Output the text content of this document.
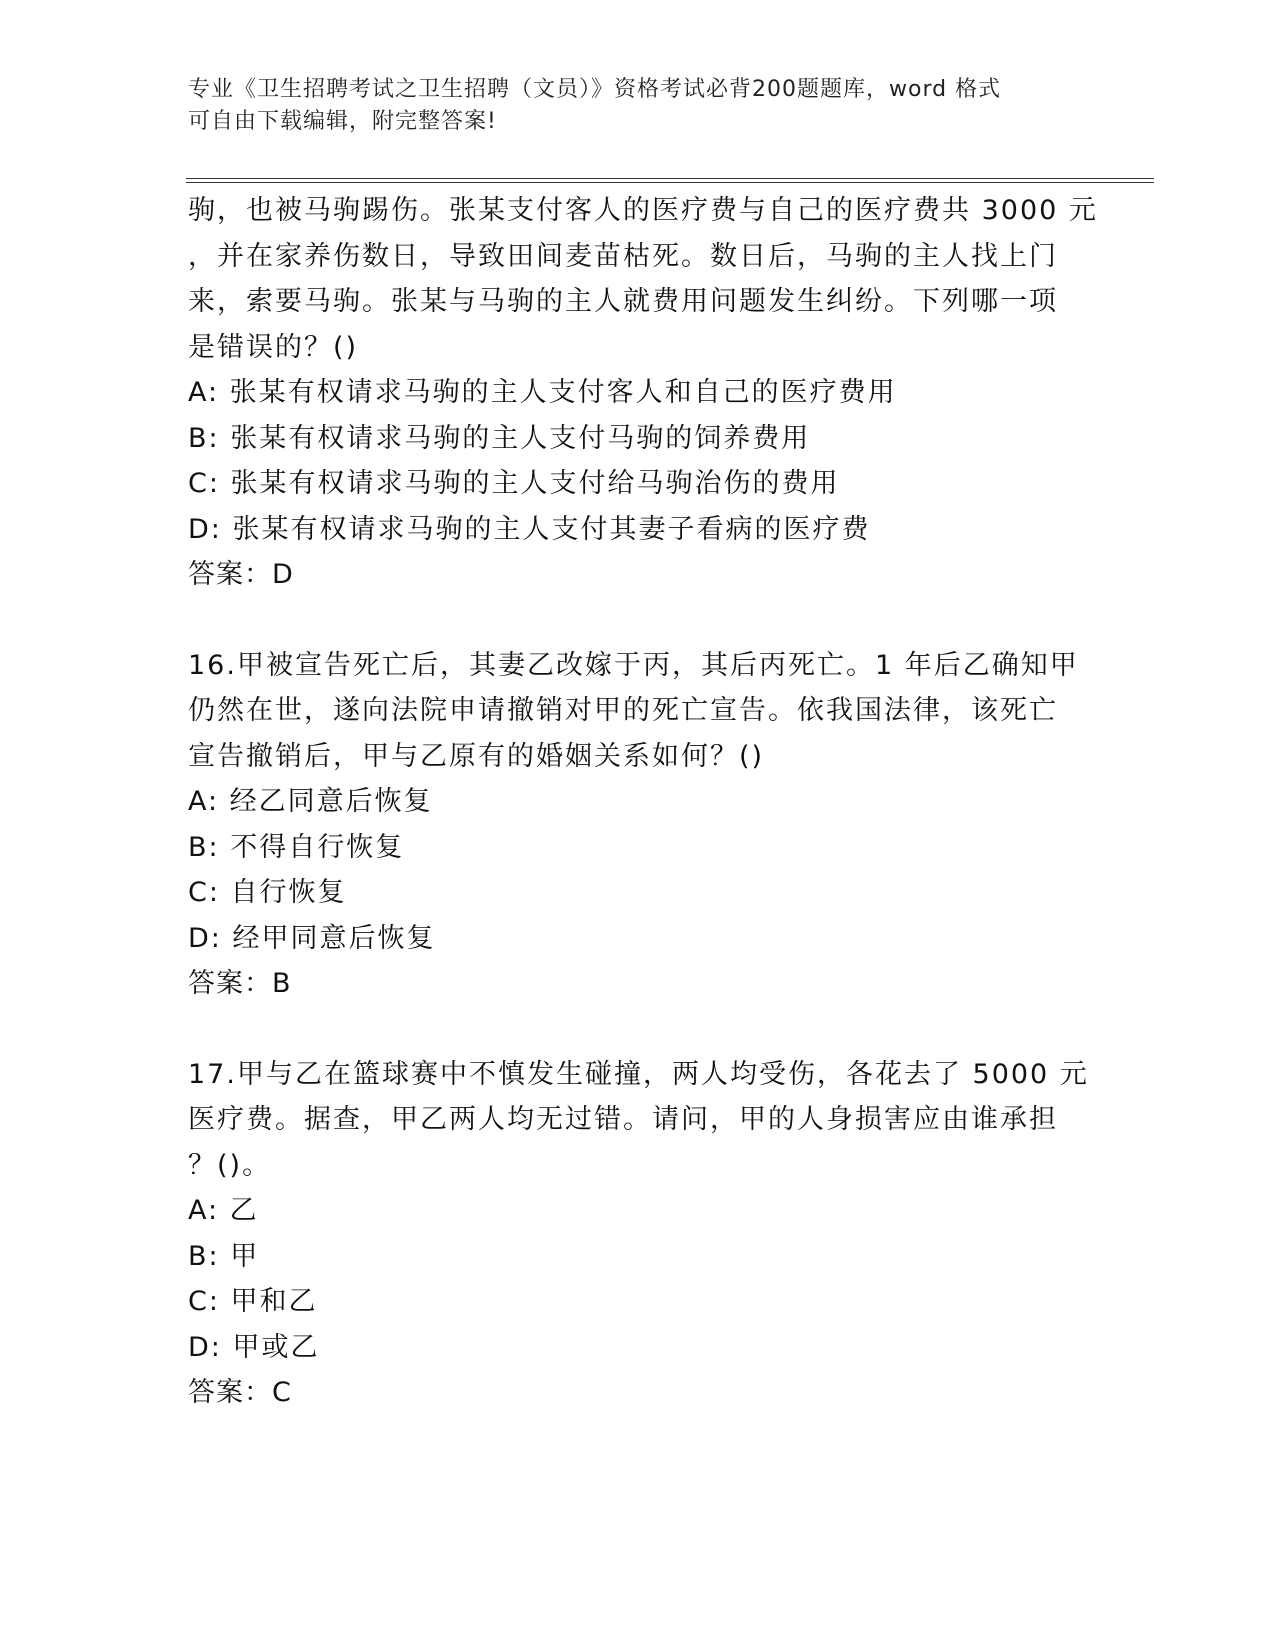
专业《卫生招聘考试之卫生招聘（文员）》资格考试必背200题题库，word 格式
可自由下载编辑，附完整答案!
驹，也被马驹踢伤。张某支付客人的医疗费与自己的医疗费共 3000 元
，并在家养伤数日，导致田间麦苗枯死。数日后，马驹的主人找上门
来，索要马驹。张某与马驹的主人就费用问题发生纠纷。下列哪一项
是错误的？()
A: 张某有权请求马驹的主人支付客人和自己的医疗费用
B: 张某有权请求马驹的主人支付马驹的饲养费用
C: 张某有权请求马驹的主人支付给马驹治伤的费用
D: 张某有权请求马驹的主人支付其妻子看病的医疗费
答案：D
16.甲被宣告死亡后，其妻乙改嫁于丙，其后丙死亡。1 年后乙确知甲
仍然在世，遂向法院申请撤销对甲的死亡宣告。依我国法律，该死亡
宣告撤销后，甲与乙原有的婚姻关系如何？()
A: 经乙同意后恢复
B: 不得自行恢复
C: 自行恢复
D: 经甲同意后恢复
答案：B
17.甲与乙在篮球赛中不慎发生碰撞，两人均受伤，各花去了 5000 元
医疗费。据查，甲乙两人均无过错。请问，甲的人身损害应由谁承担
？()。
A: 乙
B: 甲
C: 甲和乙
D: 甲或乙
答案：C
